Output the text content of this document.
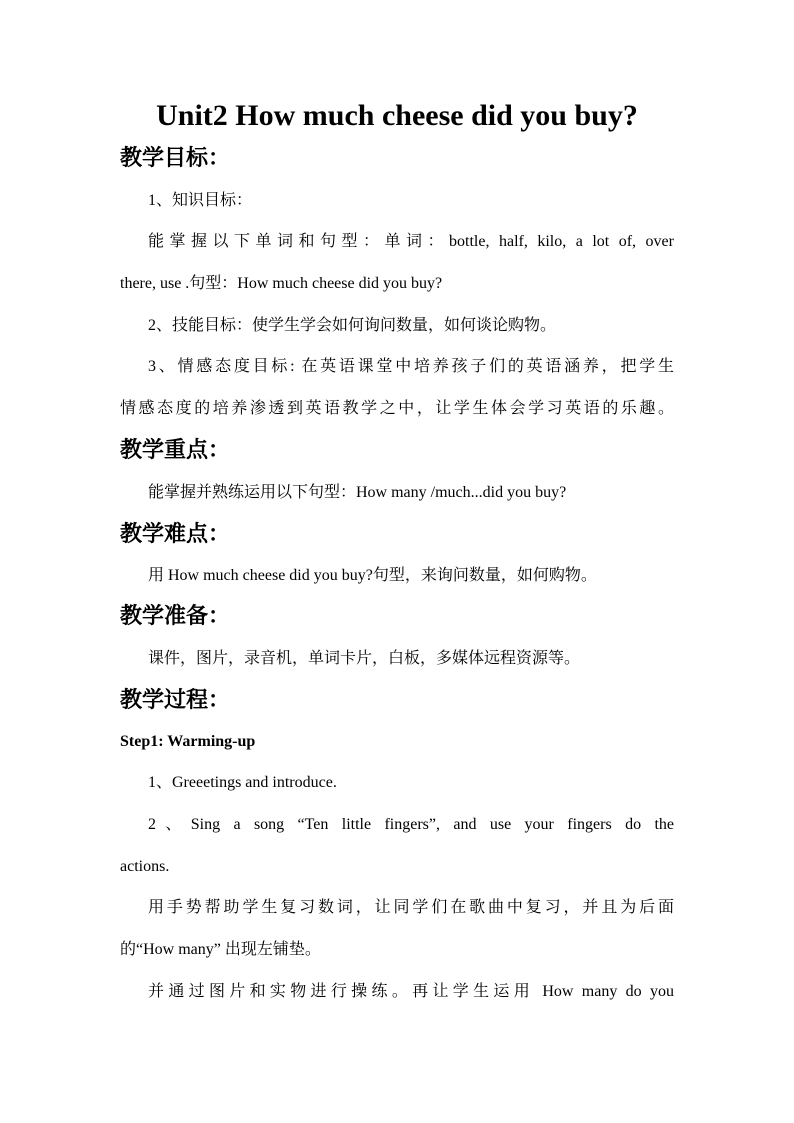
Unit2 How much cheese did you buy?
教学目标：
1、知识目标：
能掌握以下单词和句型：单词：bottle, half, kilo, a lot of, over
there, use .句型：How much cheese did you buy?
2、技能目标：使学生学会如何询问数量，如何谈论购物。
3、情感态度目标: 在英语课堂中培养孩子们的英语涵养，把学生
情感态度的培养渗透到英语教学之中，让学生体会学习英语的乐趣。
教学重点：
能掌握并熟练运用以下句型：How many /much...did you buy?
教学难点：
用 How much cheese did you buy?句型，来询问数量，如何购物。
教学准备：
课件，图片，录音机，单词卡片，白板，多媒体远程资源等。
教学过程：
Step1: Warming-up
1、Greeetings and introduce.
2、Sing a song “Ten little fingers”, and use your fingers do the
actions.
用手势帮助学生复习数词，让同学们在歌曲中复习，并且为后面
的“How many” 出现左铺垫。
并通过图片和实物进行操练。再让学生运用 How many do you
